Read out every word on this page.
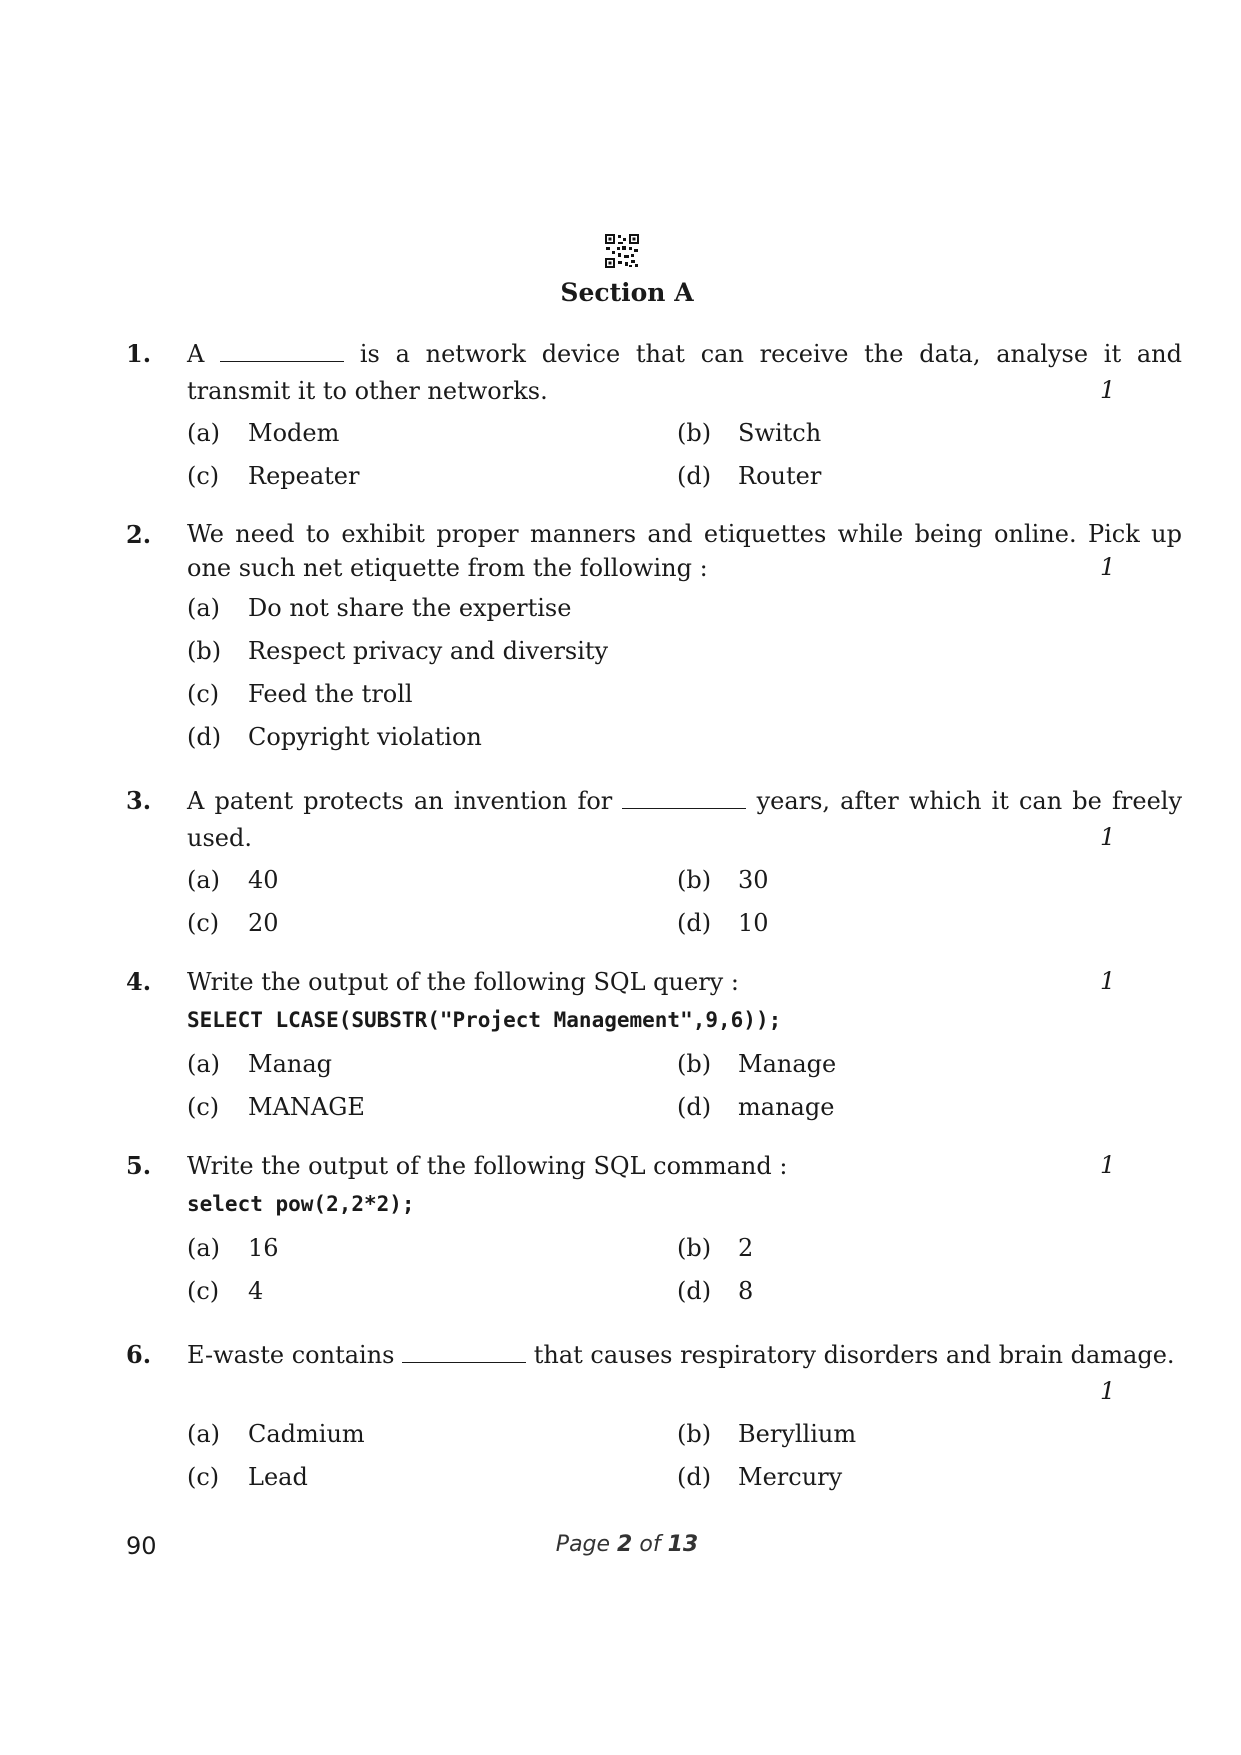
Section A
1. A	is a network device that can receive the data, analyse it and transmit it to other networks.	1
(a) Modem	(b) Switch
(c) Repeater	(d) Router
2. We need to exhibit proper manners and etiquettes while being online. Pick up one such net etiquette from the following :	1
(a) Do not share the expertise
(b) Respect privacy and diversity
(c) Feed the troll
(d) Copyright violation
3. A patent protects an invention for	years, after which it can be freely used.	1
(a) 40	(b) 30
(c) 20	(d) 10
4. Write the output of the following SQL query :	1
SELECT LCASE(SUBSTR("Project Management",9,6));
(a) Manag	(b) Manage
(c) MANAGE	(d) manage
5. Write the output of the following SQL command :	1
select pow(2,2*2);
(a) 16	(b) 2
(c) 4	(d) 8
6. E-waste contains	that causes respiratory disorders and brain damage.
1
(a) Cadmium	(b) Beryllium
(c) Lead	(d) Mercury
90	Page 2 of 13
